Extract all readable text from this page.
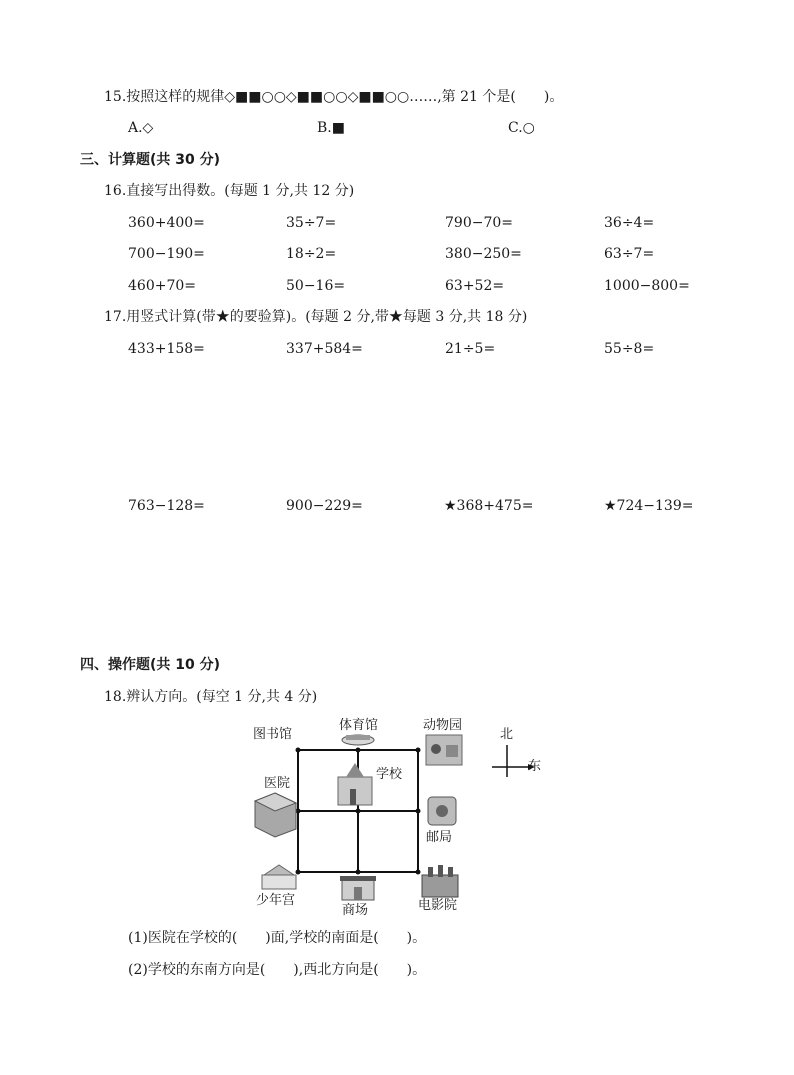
15.按照这样的规律◇■■○○◇■■○○◇■■○○……,第 21 个是(　　)。
A.◇	B.■	C.○
三、计算题(共 30 分)
16.直接写出得数。(每题 1 分,共 12 分)
360+400=	35÷7=	790−70=	36÷4=
700−190=	18÷2=	380−250=	63÷7=
460+70=	50−16=	63+52=	1000−800=
17.用竖式计算(带★的要验算)。(每题 2 分,带★每题 3 分,共 18 分)
433+158=	337+584=	21÷5=	55÷8=
763−128=	900−229=	★368+475=	★724−139=
四、操作题(共 10 分)
18.辨认方向。(每空 1 分,共 4 分)
图书馆
体育馆	动物园
医院
学校
邮局
少年宫
商场	电影院
北
东
(1)医院在学校的(　　)面,学校的南面是(　　)。
(2)学校的东南方向是(　　),西北方向是(　　)。
